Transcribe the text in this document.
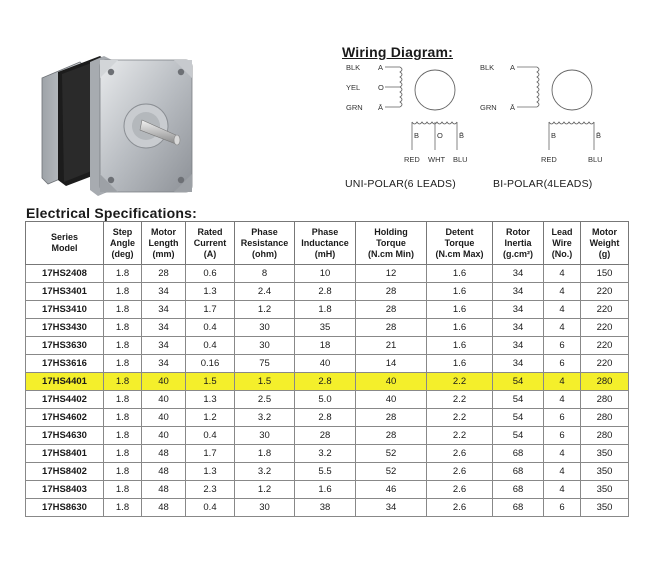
Wiring Diagram:
BLK
YEL
GRN
A
O
Ā
B O B̄
RED WHT BLU
BLK
GRN
A
Ā
B	B̄
RED	BLU
UNI-POLAR(6 LEADS)	BI-POLAR(4LEADS)
Electrical Specifications:
Series
Model	Step
Angle
(deg)	Motor
Length
(mm)	Rated
Current
(A)	Phase
Resistance
(ohm)	Phase
Inductance
(mH)	Holding
Torque
(N.cm Min)	Detent
Torque
(N.cm Max)	Rotor
Inertia
(g.cm²)	Lead
Wire
(No.)	Motor
Weight
(g)
17HS2408	1.8	28	0.6	8	10	12	1.6	34	4	150
17HS3401	1.8	34	1.3	2.4	2.8	28	1.6	34	4	220
17HS3410	1.8	34	1.7	1.2	1.8	28	1.6	34	4	220
17HS3430	1.8	34	0.4	30	35	28	1.6	34	4	220
17HS3630	1.8	34	0.4	30	18	21	1.6	34	6	220
17HS3616	1.8	34	0.16	75	40	14	1.6	34	6	220
17HS4401	1.8	40	1.5	1.5	2.8	40	2.2	54	4	280
17HS4402	1.8	40	1.3	2.5	5.0	40	2.2	54	4	280
17HS4602	1.8	40	1.2	3.2	2.8	28	2.2	54	6	280
17HS4630	1.8	40	0.4	30	28	28	2.2	54	6	280
17HS8401	1.8	48	1.7	1.8	3.2	52	2.6	68	4	350
17HS8402	1.8	48	1.3	3.2	5.5	52	2.6	68	4	350
17HS8403	1.8	48	2.3	1.2	1.6	46	2.6	68	4	350
17HS8630	1.8	48	0.4	30	38	34	2.6	68	6	350
